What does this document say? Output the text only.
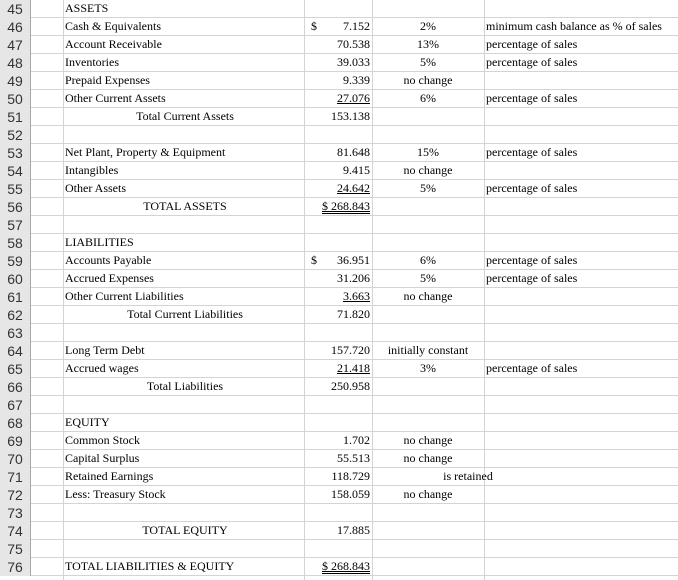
45	ASSETS
46	Cash & Equivalents	$	7.152	2%	minimum cash balance as % of sales
47	Account Receivable	70.538	13%	percentage of sales
48	Inventories	39.033	5%	percentage of sales
49	Prepaid Expenses	9.339	no change
50	Other Current Assets	27.076	6%	percentage of sales
51	Total Current Assets	153.138
52
53	Net Plant, Property & Equipment	81.648	15%	percentage of sales
54	Intangibles	9.415	no change
55	Other Assets	24.642	5%	percentage of sales
56	TOTAL ASSETS	$ 268.843
57
58	LIABILITIES
59	Accounts Payable	$	36.951	6%	percentage of sales
60	Accrued Expenses	31.206	5%	percentage of sales
61	Other Current Liabilities	3.663	no change
62	Total Current Liabilities	71.820
63
64	Long Term Debt	157.720	initially constant
65	Accrued wages	21.418	3%	percentage of sales
66	Total Liabilities	250.958
67
68	EQUITY
69	Common Stock	1.702	no change
70	Capital Surplus	55.513	no change
71	Retained Earnings	118.729	is retained
72	Less: Treasury Stock	158.059	no change
73
74	TOTAL EQUITY	17.885
75
76	TOTAL LIABILITIES & EQUITY	$ 268.843
